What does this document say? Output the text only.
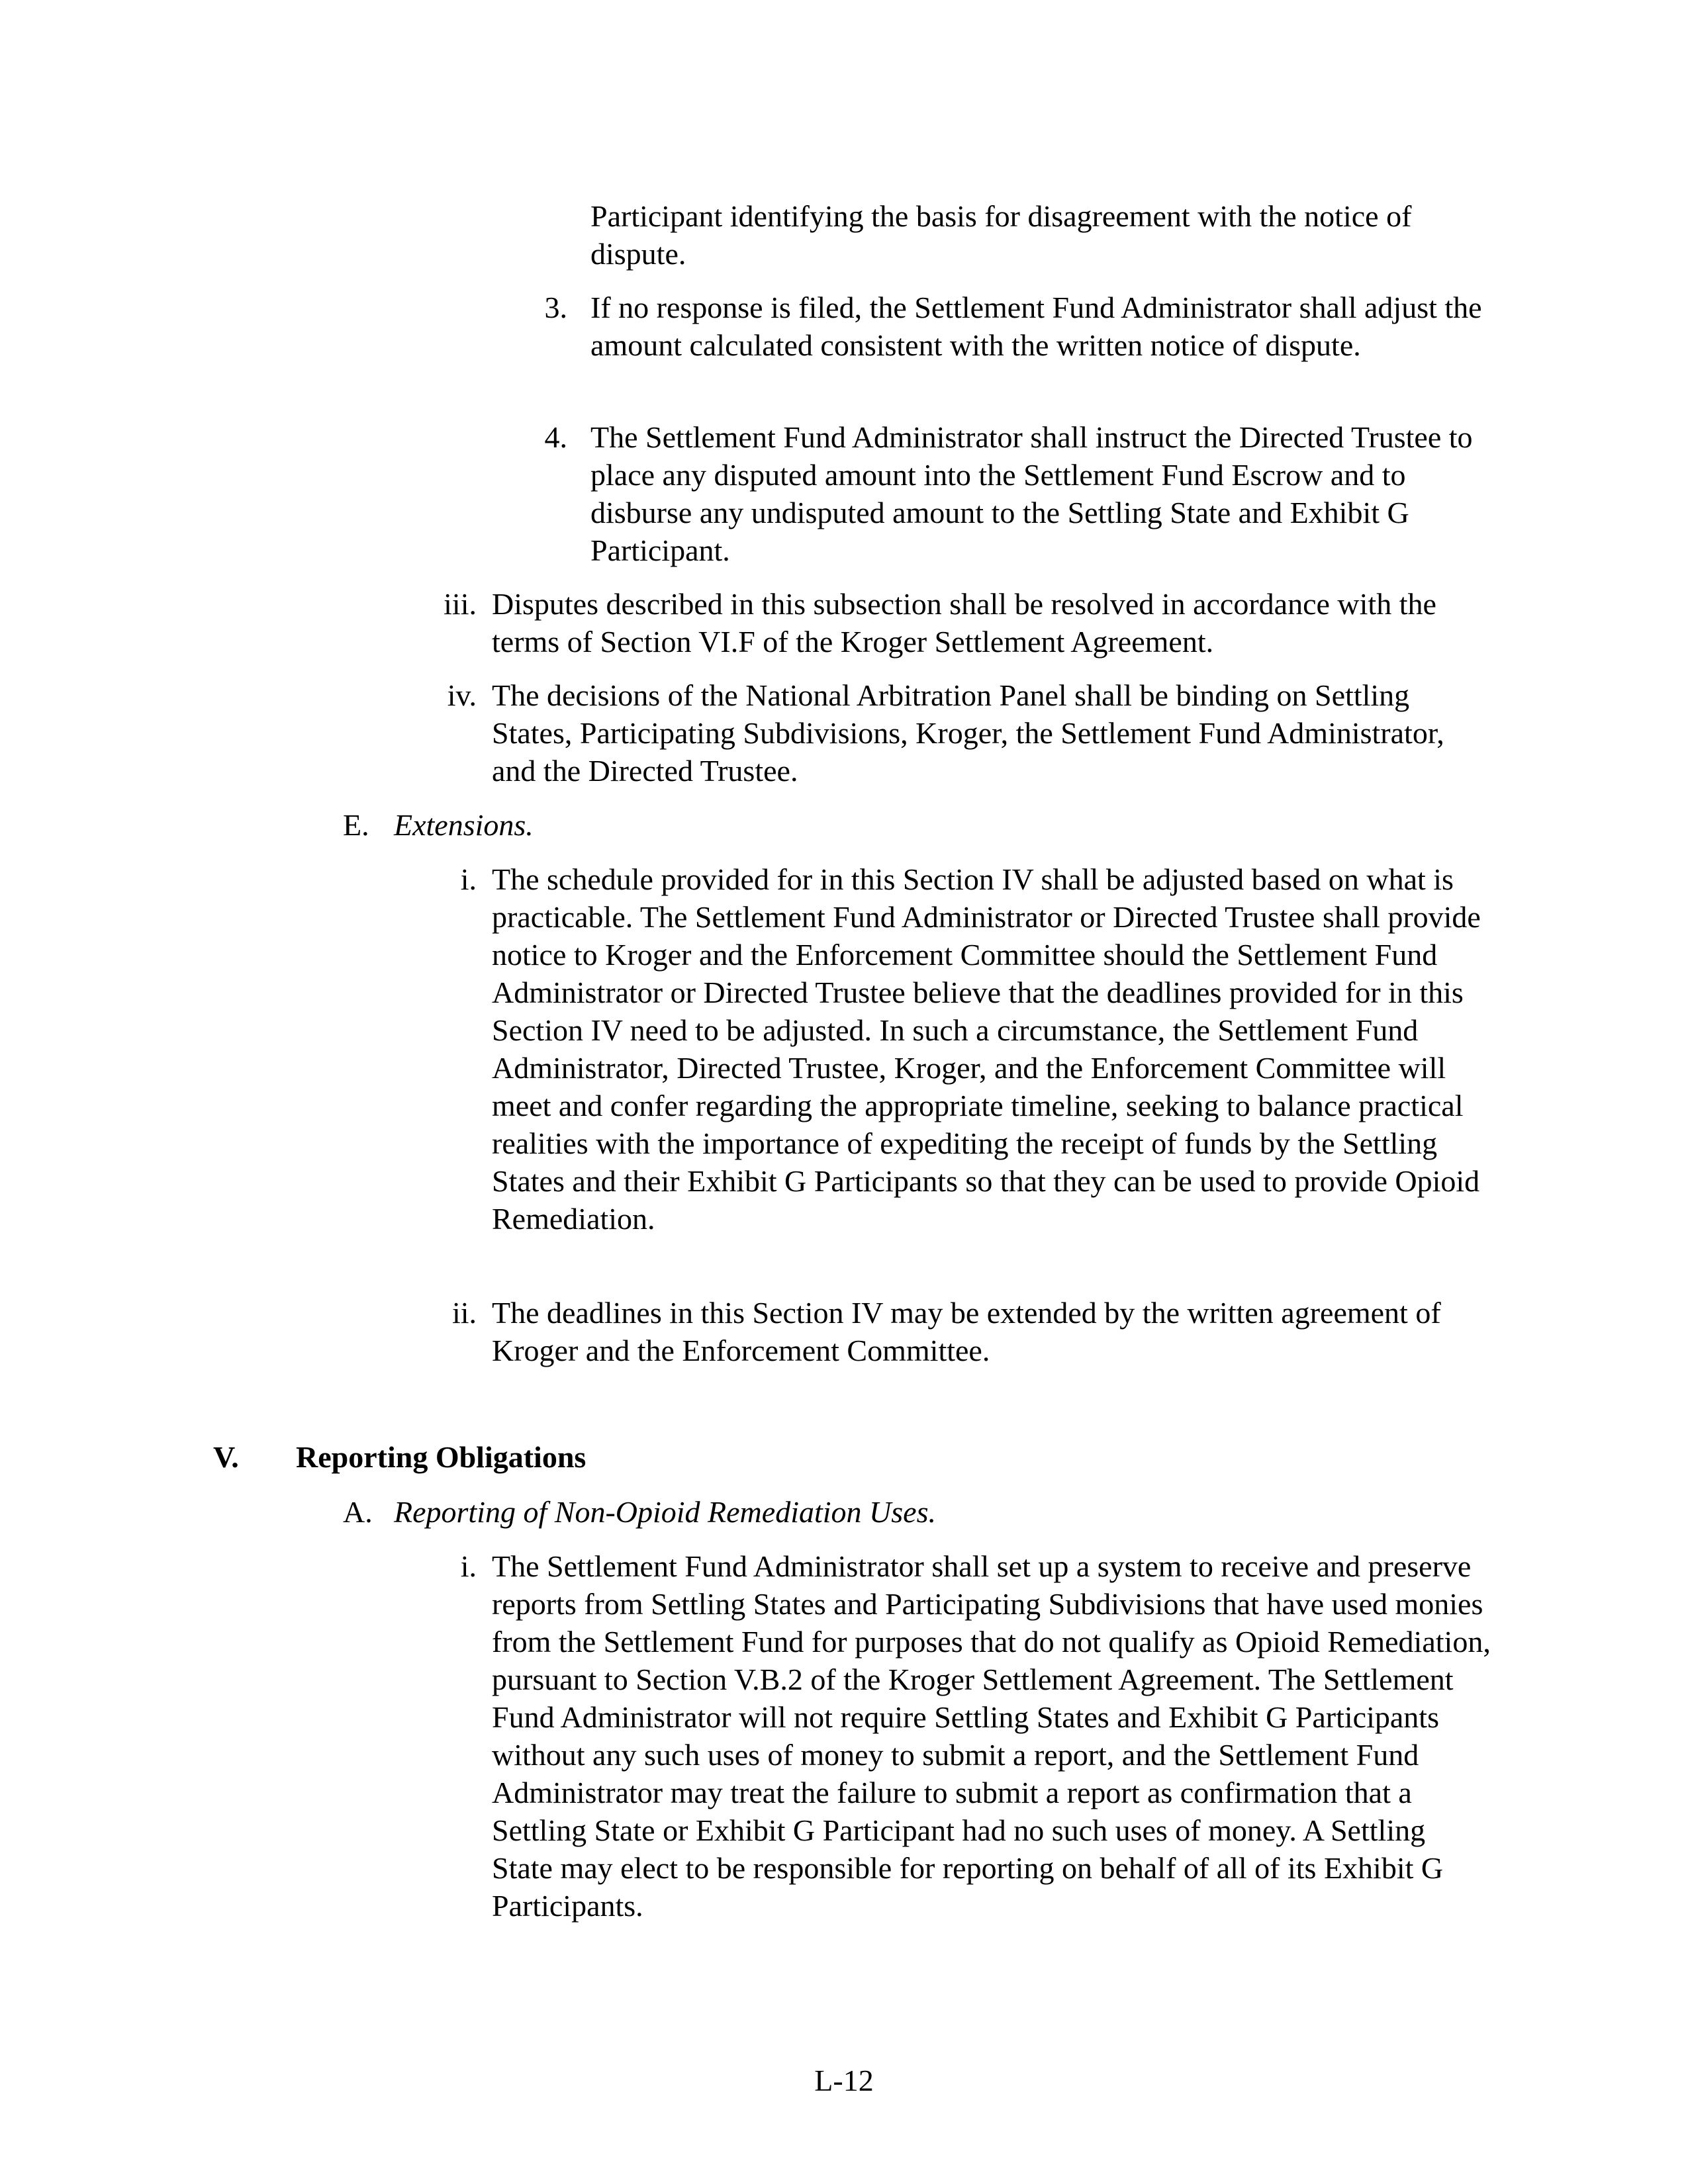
Participant identifying the basis for disagreement with the notice of dispute.
3. If no response is filed, the Settlement Fund Administrator shall adjust the amount calculated consistent with the written notice of dispute.
4. The Settlement Fund Administrator shall instruct the Directed Trustee to place any disputed amount into the Settlement Fund Escrow and to disburse any undisputed amount to the Settling State and Exhibit G Participant.
iii. Disputes described in this subsection shall be resolved in accordance with the terms of Section VI.F of the Kroger Settlement Agreement.
iv. The decisions of the National Arbitration Panel shall be binding on Settling States, Participating Subdivisions, Kroger, the Settlement Fund Administrator, and the Directed Trustee.
E. Extensions.
i. The schedule provided for in this Section IV shall be adjusted based on what is practicable. The Settlement Fund Administrator or Directed Trustee shall provide notice to Kroger and the Enforcement Committee should the Settlement Fund Administrator or Directed Trustee believe that the deadlines provided for in this Section IV need to be adjusted. In such a circumstance, the Settlement Fund Administrator, Directed Trustee, Kroger, and the Enforcement Committee will meet and confer regarding the appropriate timeline, seeking to balance practical realities with the importance of expediting the receipt of funds by the Settling States and their Exhibit G Participants so that they can be used to provide Opioid Remediation.
ii. The deadlines in this Section IV may be extended by the written agreement of Kroger and the Enforcement Committee.
V. Reporting Obligations
A. Reporting of Non-Opioid Remediation Uses.
i. The Settlement Fund Administrator shall set up a system to receive and preserve reports from Settling States and Participating Subdivisions that have used monies from the Settlement Fund for purposes that do not qualify as Opioid Remediation, pursuant to Section V.B.2 of the Kroger Settlement Agreement. The Settlement Fund Administrator will not require Settling States and Exhibit G Participants without any such uses of money to submit a report, and the Settlement Fund Administrator may treat the failure to submit a report as confirmation that a Settling State or Exhibit G Participant had no such uses of money. A Settling State may elect to be responsible for reporting on behalf of all of its Exhibit G Participants.
L-12
